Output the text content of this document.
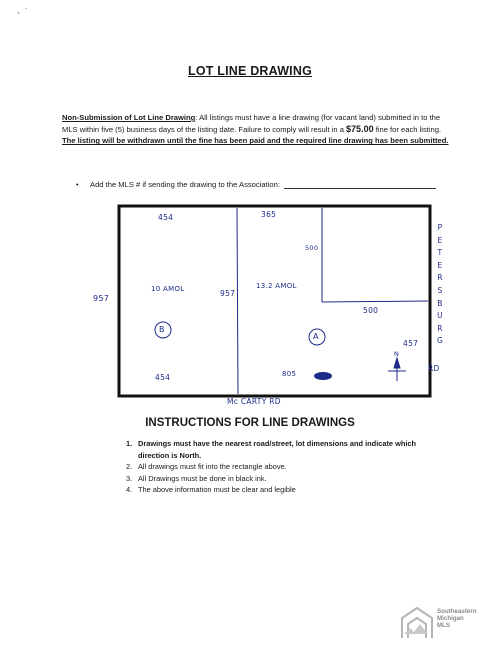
LOT LINE DRAWING
Non-Submission of Lot Line Drawing: All listings must have a line drawing (for vacant land) submitted in to the MLS within five (5) business days of the listing date. Failure to comply will result in a $75.00 fine for each listing. The listing will be withdrawn until the fine has been paid and the required line drawing has been submitted.
• Add the MLS # if sending the drawing to the Association:
454	365
957
957
10 AMOL	13.2 AMOL
B
A
500
500
457
454	805
N
Mc CARTY RD
P
E
T
E
R
S
B
U
R
G
RD
INSTRUCTIONS FOR LINE DRAWINGS
1. Drawings must have the nearest road/street, lot dimensions and indicate which direction is North.
2. All drawings must fit into the rectangle above.
3. All Drawings must be done in black ink.
4. The above information must be clear and legible
Southeastern
Michigan
MLS
